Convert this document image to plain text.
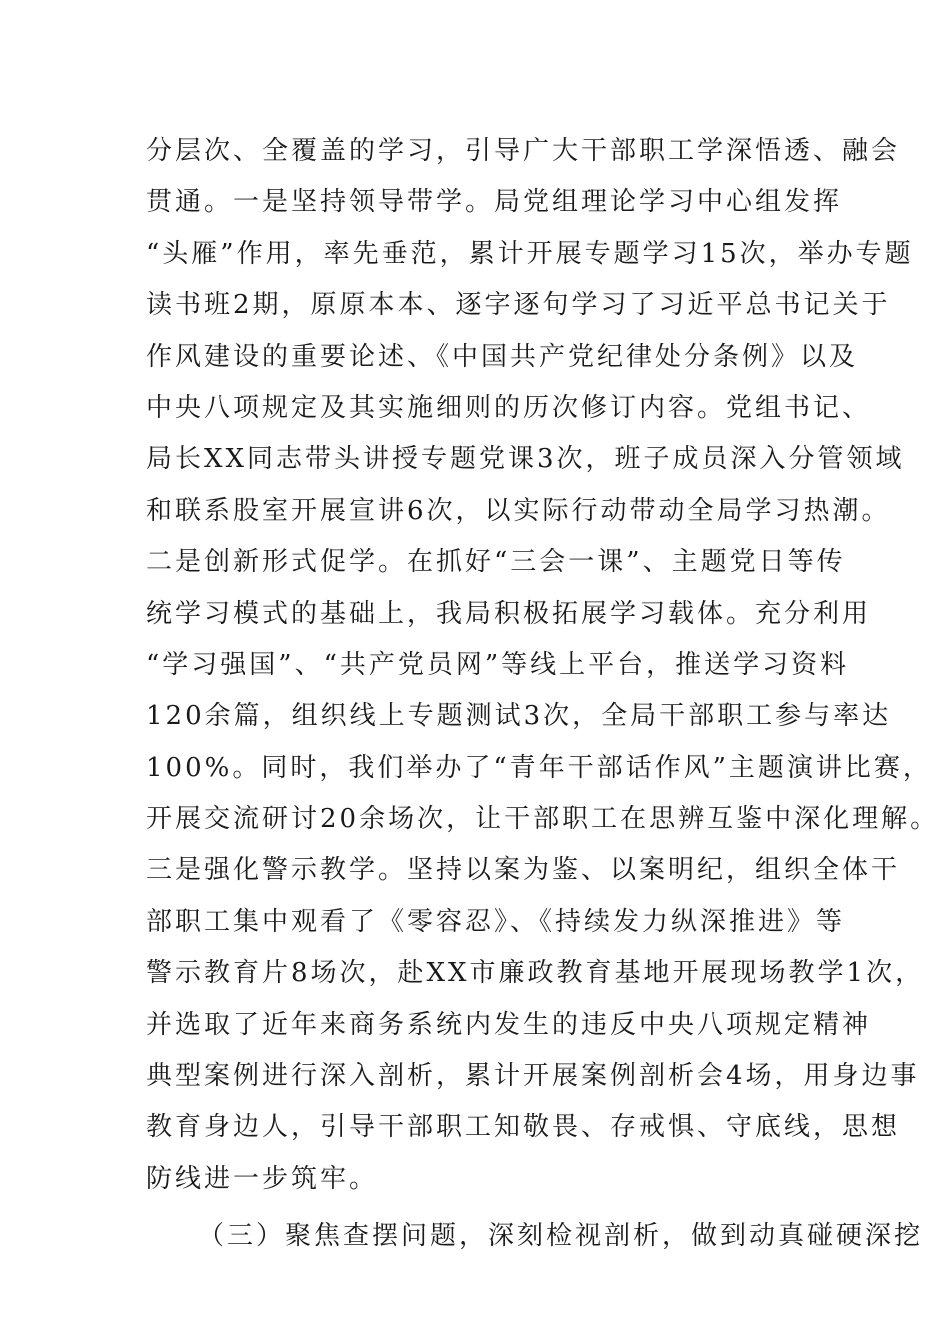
分层次、全覆盖的学习，引导广大干部职工学深悟透、融会
贯通。一是坚持领导带学。局党组理论学习中心组发挥
“头雁”作用，率先垂范，累计开展专题学习15次，举办专题
读书班2期，原原本本、逐字逐句学习了习近平总书记关于
作风建设的重要论述、《中国共产党纪律处分条例》以及
中央八项规定及其实施细则的历次修订内容。党组书记、
局长XX同志带头讲授专题党课3次，班子成员深入分管领域
和联系股室开展宣讲6次，以实际行动带动全局学习热潮。
二是创新形式促学。在抓好“三会一课”、主题党日等传
统学习模式的基础上，我局积极拓展学习载体。充分利用
“学习强国”、“共产党员网”等线上平台，推送学习资料
120余篇，组织线上专题测试3次，全局干部职工参与率达
100%。同时，我们举办了“青年干部话作风”主题演讲比赛，
开展交流研讨20余场次，让干部职工在思辨互鉴中深化理解。
三是强化警示教学。坚持以案为鉴、以案明纪，组织全体干
部职工集中观看了《零容忍》、《持续发力纵深推进》等
警示教育片8场次，赴XX市廉政教育基地开展现场教学1次，
并选取了近年来商务系统内发生的违反中央八项规定精神
典型案例进行深入剖析，累计开展案例剖析会4场，用身边事
教育身边人，引导干部职工知敬畏、存戒惧、守底线，思想
防线进一步筑牢。
（三）聚焦查摆问题，深刻检视剖析，做到动真碰硬深挖
